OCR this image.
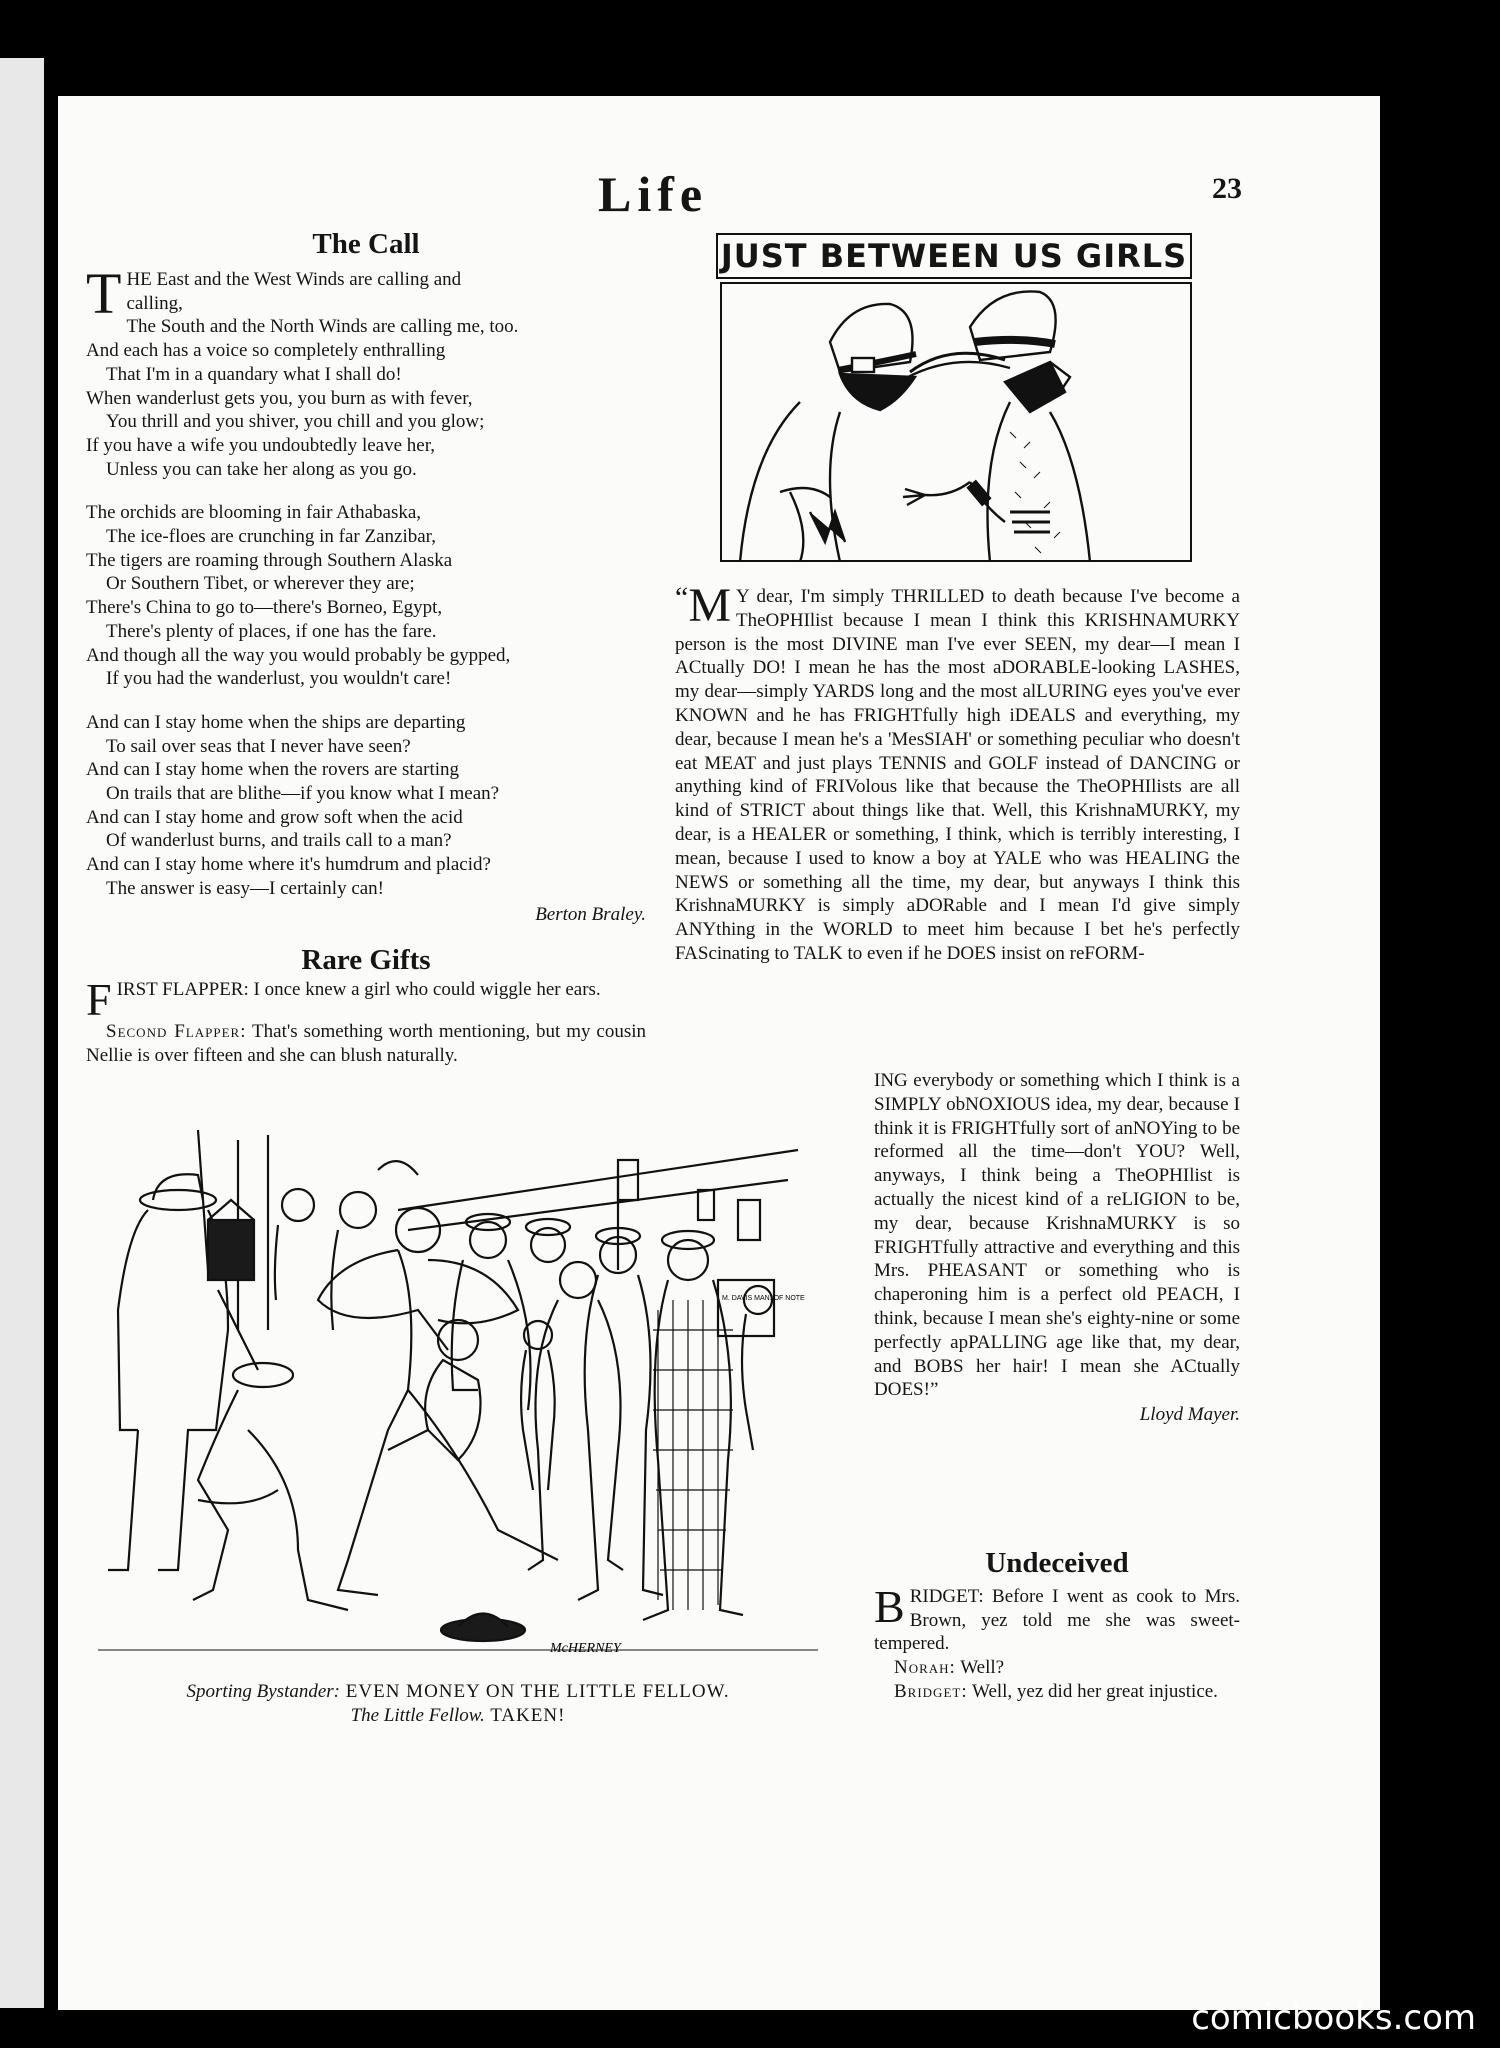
Life	23
The Call
T HE East and the West Winds are calling and
calling,
The South and the North Winds are calling me, too.
And each has a voice so completely enthralling
That I'm in a quandary what I shall do!
When wanderlust gets you, you burn as with fever,
You thrill and you shiver, you chill and you glow;
If you have a wife you undoubtedly leave her,
Unless you can take her along as you go.
The orchids are blooming in fair Athabaska,
The ice-floes are crunching in far Zanzibar,
The tigers are roaming through Southern Alaska
Or Southern Tibet, or wherever they are;
There's China to go to—there's Borneo, Egypt,
There's plenty of places, if one has the fare.
And though all the way you would probably be gypped,
If you had the wanderlust, you wouldn't care!
And can I stay home when the ships are departing
To sail over seas that I never have seen?
And can I stay home when the rovers are starting
On trails that are blithe—if you know what I mean?
And can I stay home and grow soft when the acid
Of wanderlust burns, and trails call to a man?
And can I stay home where it's humdrum and placid?
The answer is easy—I certainly can!
Berton Braley.
Rare Gifts

FIRST FLAPPER: I once knew a girl who could wiggle her ears.

Second Flapper: That's something worth mentioning, but my cousin Nellie is over fifteen and she can blush naturally.

McHERNEY
M. DAVIS MAN. OF NOTE
Sporting Bystander: EVEN MONEY ON THE LITTLE FELLOW.
The Little Fellow. TAKEN!
JUST BETWEEN US GIRLS

“ M Y dear, I'm simply THRILLED to death because I've become a TheOPHIlist because I mean I think this KRISHNAMURKY person is the most DIVINE man I've ever SEEN, my dear—I mean I ACtually DO! I mean he has the most aDORABLE-looking LASHES, my dear—simply YARDS long and the most alLURING eyes you've ever KNOWN and he has FRIGHTfully high iDEALS and everything, my dear, because I mean he's a 'MesSIAH' or something peculiar who doesn't eat MEAT and just plays TENNIS and GOLF instead of DANCING or anything kind of FRIVolous like that because the TheOPHIlists are all kind of STRICT about things like that. Well, this KrishnaMURKY, my dear, is a HEALER or something, I think, which is terribly interesting, I mean, because I used to know a boy at YALE who was HEALING the NEWS or something all the time, my dear, but anyways I think this KrishnaMURKY is simply aDORable and I mean I'd give simply ANYthing in the WORLD to meet him because I bet he's perfectly FAScinating to TALK to even if he DOES insist on reFORM-

ING everybody or something which I think is a SIMPLY obNOXIOUS idea, my dear, because I think it is FRIGHTfully sort of anNOYing to be reformed all the time—don't YOU? Well, anyways, I think being a TheOPHIlist is actually the nicest kind of a reLIGION to be, my dear, because KrishnaMURKY is so FRIGHTfully attractive and everything and this Mrs. PHEASANT or something who is chaperoning him is a perfect old PEACH, I think, because I mean she's eighty-nine or some perfectly apPALLING age like that, my dear, and BOBS her hair! I mean she ACtually DOES!”

Lloyd Mayer.
Undeceived

BRIDGET: Before I went as cook to Mrs. Brown, yez told me she was sweet-tempered.

Norah: Well?

Bridget: Well, yez did her great injustice.

comicbooks.com
